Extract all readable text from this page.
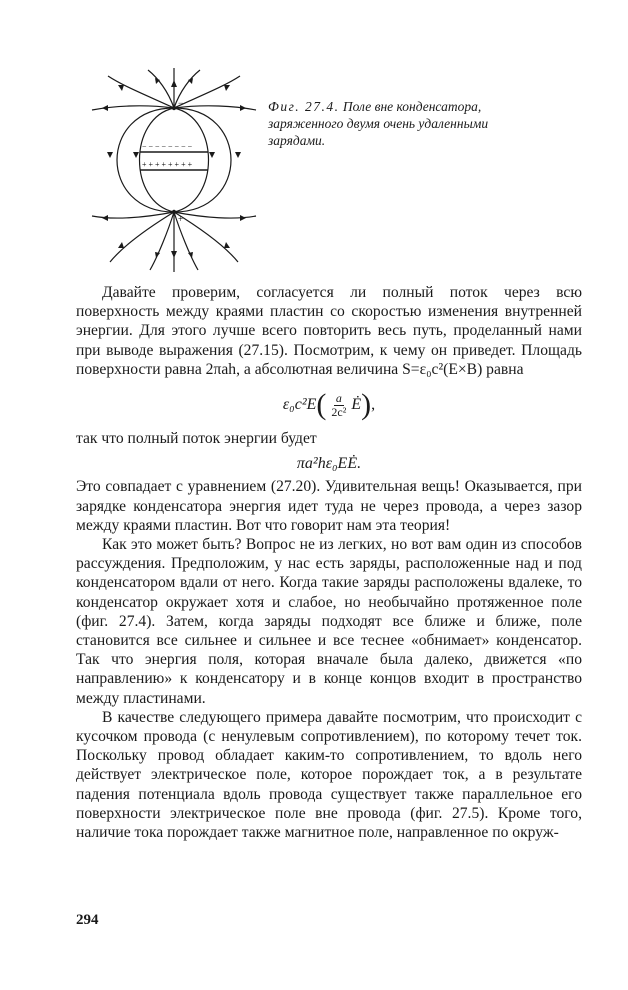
−
+
− − − − − − − −
+ + + + + + + +
Фиг. 27.4. Поле вне конденсатора, заряженного двумя очень удаленными зарядами.

Давайте проверим, согласуется ли полный поток через всю поверхность между краями пластин со скоростью изменения внутренней энергии. Для этого лучше всего повторить весь путь, проделанный нами при выводе выражения (27.15). Посмотрим, к чему он приведет. Площадь поверхности равна 2πah, а абсолютная величина S=ε₀c²(E×B) равна

ε₀c²E ( $\frac{a}{\text{2c²}}$ Ė ) ,

так что полный поток энергии будет

πa²hε₀EĖ.

Это совпадает с уравнением (27.20). Удивительная вещь! Оказывается, при зарядке конденсатора энергия идет туда не через провода, а через зазор между краями пластин. Вот что говорит нам эта теория!

Как это может быть? Вопрос не из легких, но вот вам один из способов рассуждения. Предположим, у нас есть заряды, расположенные над и под конденсатором вдали от него. Когда такие заряды расположены вдалеке, то конденсатор окружает хотя и слабое, но необычайно протяженное поле (фиг. 27.4). Затем, когда заряды подходят все ближе и ближе, поле становится все сильнее и сильнее и все теснее «обнимает» конденсатор. Так что энергия поля, которая вначале была далеко, движется «по направлению» к конденсатору и в конце концов входит в пространство между пластинами.

В качестве следующего примера давайте посмотрим, что происходит с кусочком провода (с ненулевым сопротивлением), по которому течет ток. Поскольку провод обладает каким-то сопротивлением, то вдоль него действует электрическое поле, которое порождает ток, а в результате падения потенциала вдоль провода существует также параллельное его поверхности электрическое поле вне провода (фиг. 27.5). Кроме того, наличие тока порождает также магнитное поле, направленное по окруж-

294
